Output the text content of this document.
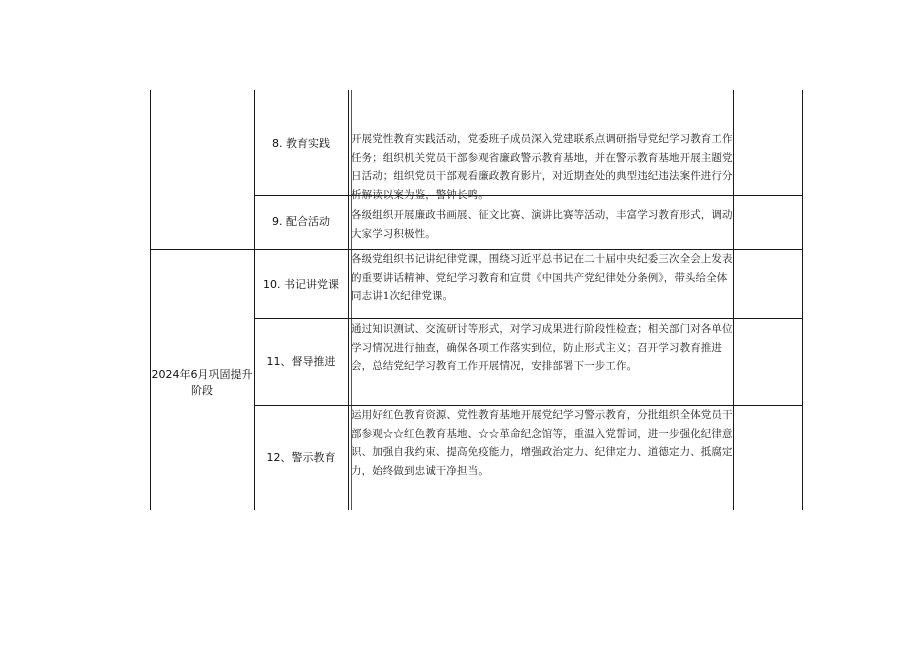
2024年6月巩固提升阶段
8. 教育实践	开展党性教育实践活动，党委班子成员深入党建联系点调研指导党纪学习教育工作任务；组织机关党员干部参观省廉政警示教育基地，并在警示教育基地开展主题党日活动；组织党员干部观看廉政教育影片，对近期查处的典型违纪违法案件进行分析解读以案为鉴，警钟长鸣。
9. 配合活动	各级组织开展廉政书画展、征文比赛、演讲比赛等活动，丰富学习教育形式，调动大家学习积极性。
10. 书记讲党课
各级党组织书记讲纪律党课，围绕习近平总书记在二十届中央纪委三次全会上发表的重要讲话精神、党纪学习教育和宣贯《中国共产党纪律处分条例》，带头给全体同志讲1次纪律党课。
11、督导推进
通过知识测试、交流研讨等形式，对学习成果进行阶段性检查；相关部门对各单位学习情况进行抽查，确保各项工作落实到位，防止形式主义；召开学习教育推进会，总结党纪学习教育工作开展情况，安排部署下一步工作。
12、警示教育
运用好红色教育资源、党性教育基地开展党纪学习警示教育，分批组织全体党员干部参观☆☆红色教育基地、☆☆革命纪念馆等，重温入党誓词，进一步强化纪律意识、加强自我约束、提高免疫能力，增强政治定力、纪律定力、道德定力、抵腐定力，始终做到忠诚干净担当。
